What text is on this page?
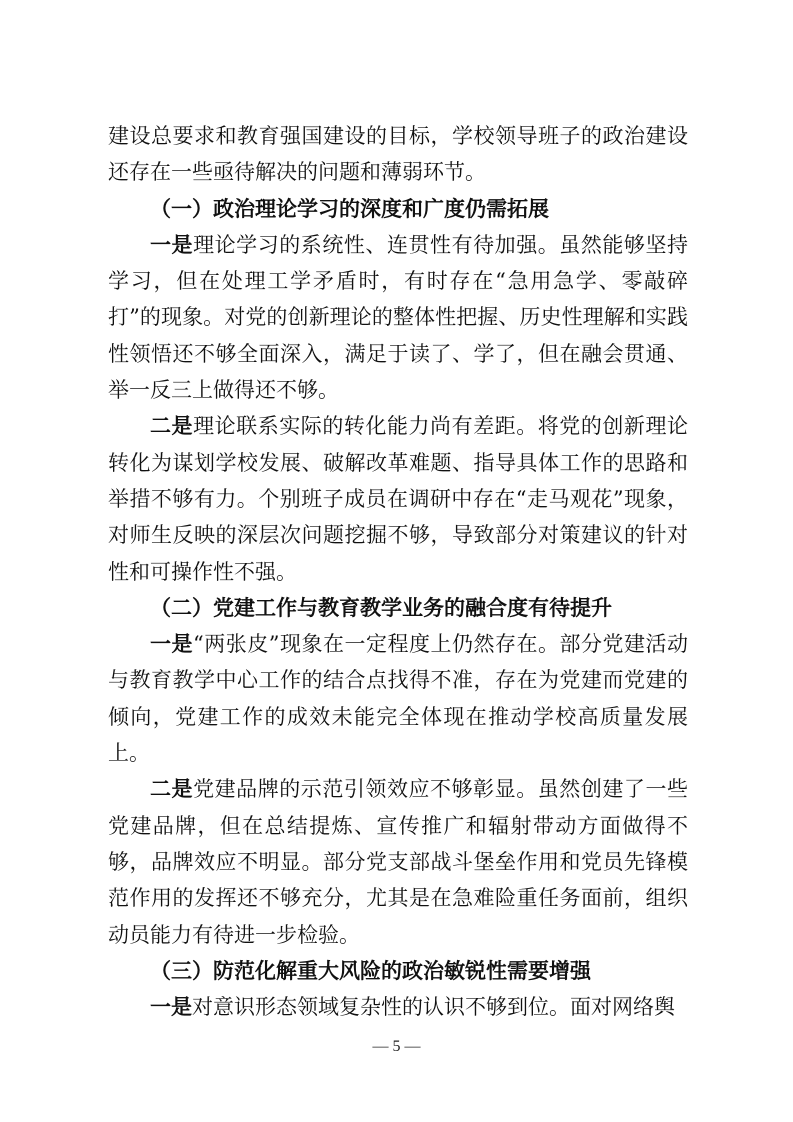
建设总要求和教育强国建设的目标，学校领导班子的政治建设还存在一些亟待解决的问题和薄弱环节。

（一）政治理论学习的深度和广度仍需拓展

一是理论学习的系统性、连贯性有待加强。虽然能够坚持学习，但在处理工学矛盾时，有时存在“急用急学、零敲碎打”的现象。对党的创新理论的整体性把握、历史性理解和实践性领悟还不够全面深入，满足于读了、学了，但在融会贯通、举一反三上做得还不够。

二是理论联系实际的转化能力尚有差距。将党的创新理论转化为谋划学校发展、破解改革难题、指导具体工作的思路和举措不够有力。个别班子成员在调研中存在“走马观花”现象，对师生反映的深层次问题挖掘不够，导致部分对策建议的针对性和可操作性不强。

（二）党建工作与教育教学业务的融合度有待提升

一是“两张皮”现象在一定程度上仍然存在。部分党建活动与教育教学中心工作的结合点找得不准，存在为党建而党建的倾向，党建工作的成效未能完全体现在推动学校高质量发展上。

二是党建品牌的示范引领效应不够彰显。虽然创建了一些党建品牌，但在总结提炼、宣传推广和辐射带动方面做得不够，品牌效应不明显。部分党支部战斗堡垒作用和党员先锋模范作用的发挥还不够充分，尤其是在急难险重任务面前，组织动员能力有待进一步检验。

（三）防范化解重大风险的政治敏锐性需要增强

一是对意识形态领域复杂性的认识不够到位。面对网络舆

— 5 —
